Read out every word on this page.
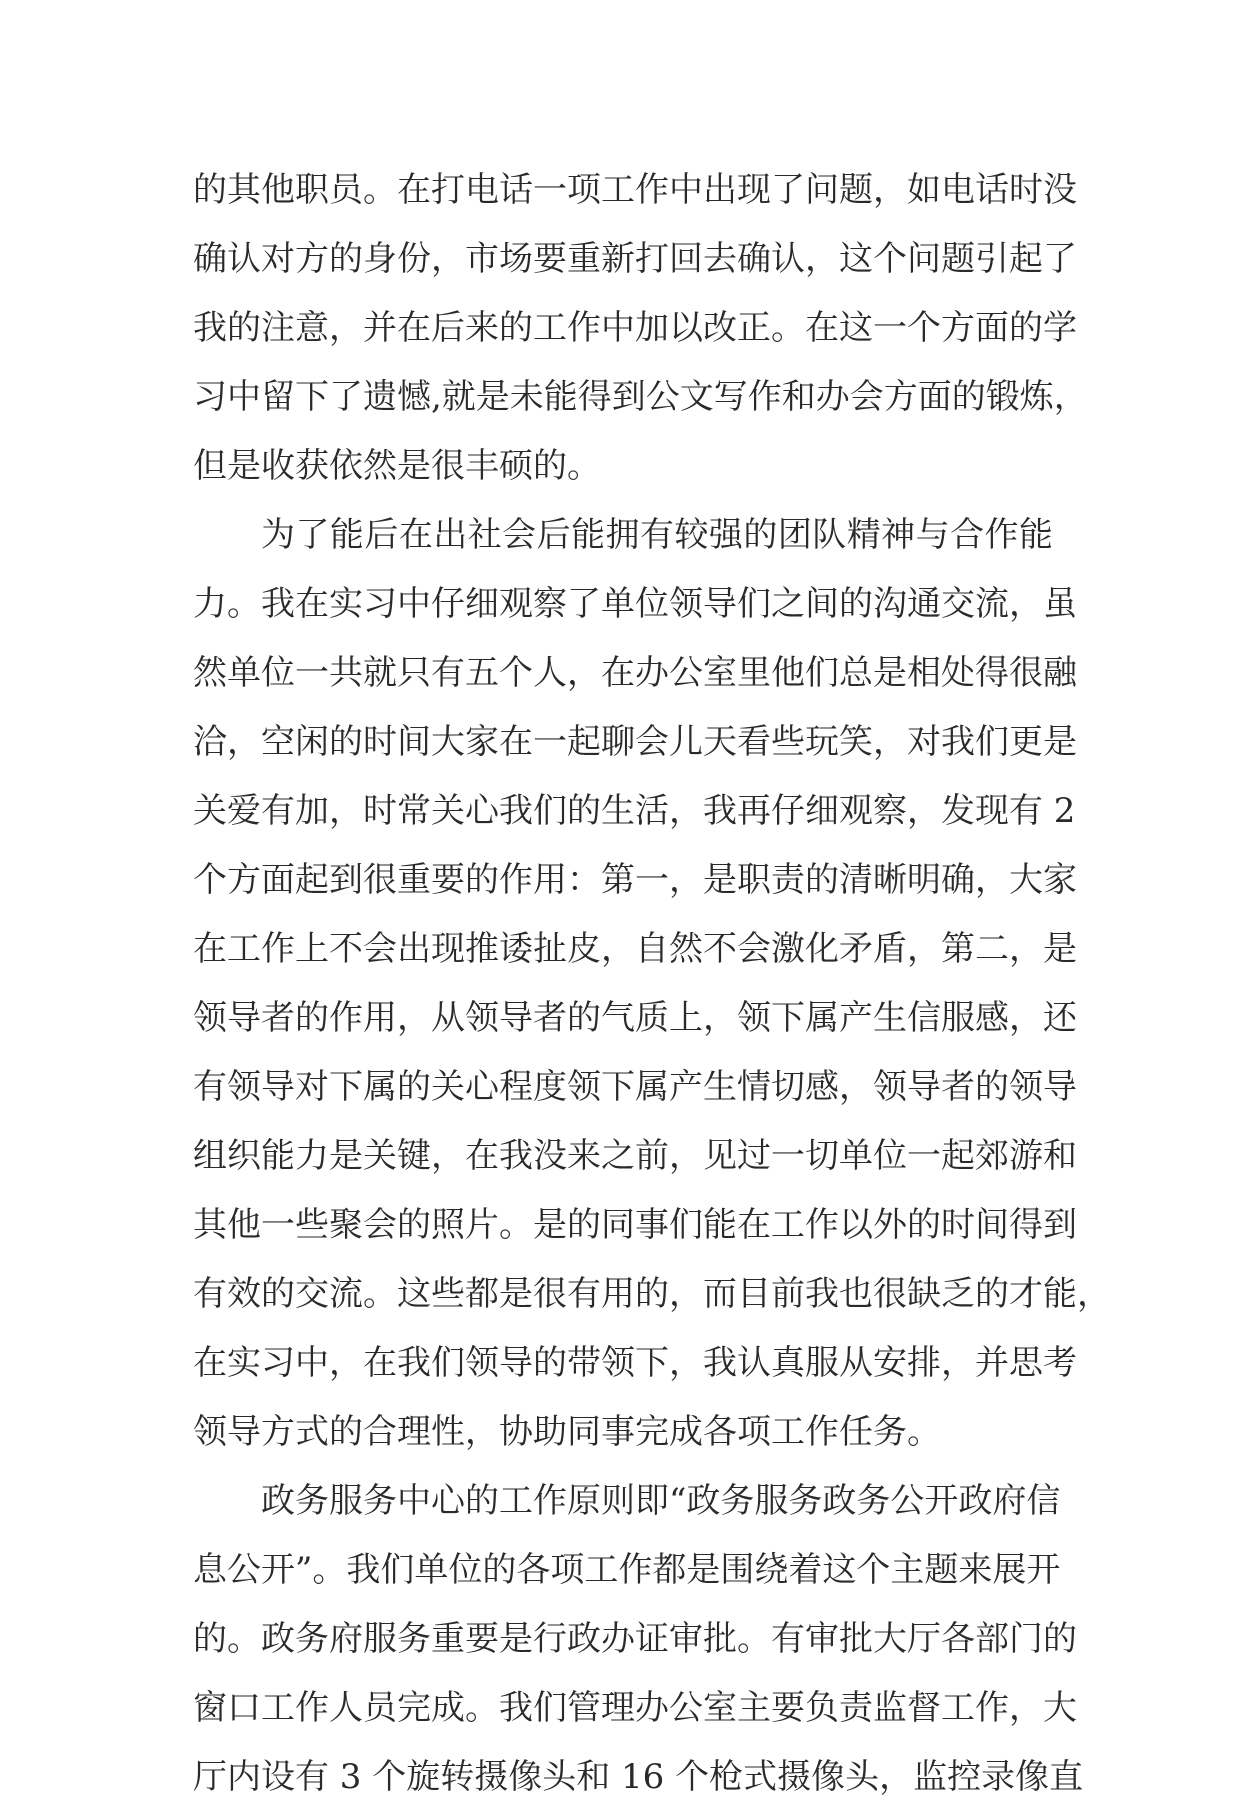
的其他职员。在打电话一项工作中出现了问题，如电话时没
确认对方的身份，市场要重新打回去确认，这个问题引起了
我的注意，并在后来的工作中加以改正。在这一个方面的学
习中留下了遗憾,就是未能得到公文写作和办会方面的锻炼，
但是收获依然是很丰硕的。
为了能后在出社会后能拥有较强的团队精神与合作能
力。我在实习中仔细观察了单位领导们之间的沟通交流，虽
然单位一共就只有五个人，在办公室里他们总是相处得很融
洽，空闲的时间大家在一起聊会儿天看些玩笑，对我们更是
关爱有加，时常关心我们的生活，我再仔细观察，发现有 2
个方面起到很重要的作用：第一，是职责的清晰明确，大家
在工作上不会出现推诿扯皮，自然不会激化矛盾，第二，是
领导者的作用，从领导者的气质上，领下属产生信服感，还
有领导对下属的关心程度领下属产生情切感，领导者的领导
组织能力是关键，在我没来之前，见过一切单位一起郊游和
其他一些聚会的照片。是的同事们能在工作以外的时间得到
有效的交流。这些都是很有用的，而目前我也很缺乏的才能，
在实习中，在我们领导的带领下，我认真服从安排，并思考
领导方式的合理性，协助同事完成各项工作任务。
政务服务中心的工作原则即“政务服务政务公开政府信
息公开”。我们单位的各项工作都是围绕着这个主题来展开
的。政务府服务重要是行政办证审批。有审批大厅各部门的
窗口工作人员完成。我们管理办公室主要负责监督工作，大
厅内设有 3 个旋转摄像头和 16 个枪式摄像头，监控录像直
